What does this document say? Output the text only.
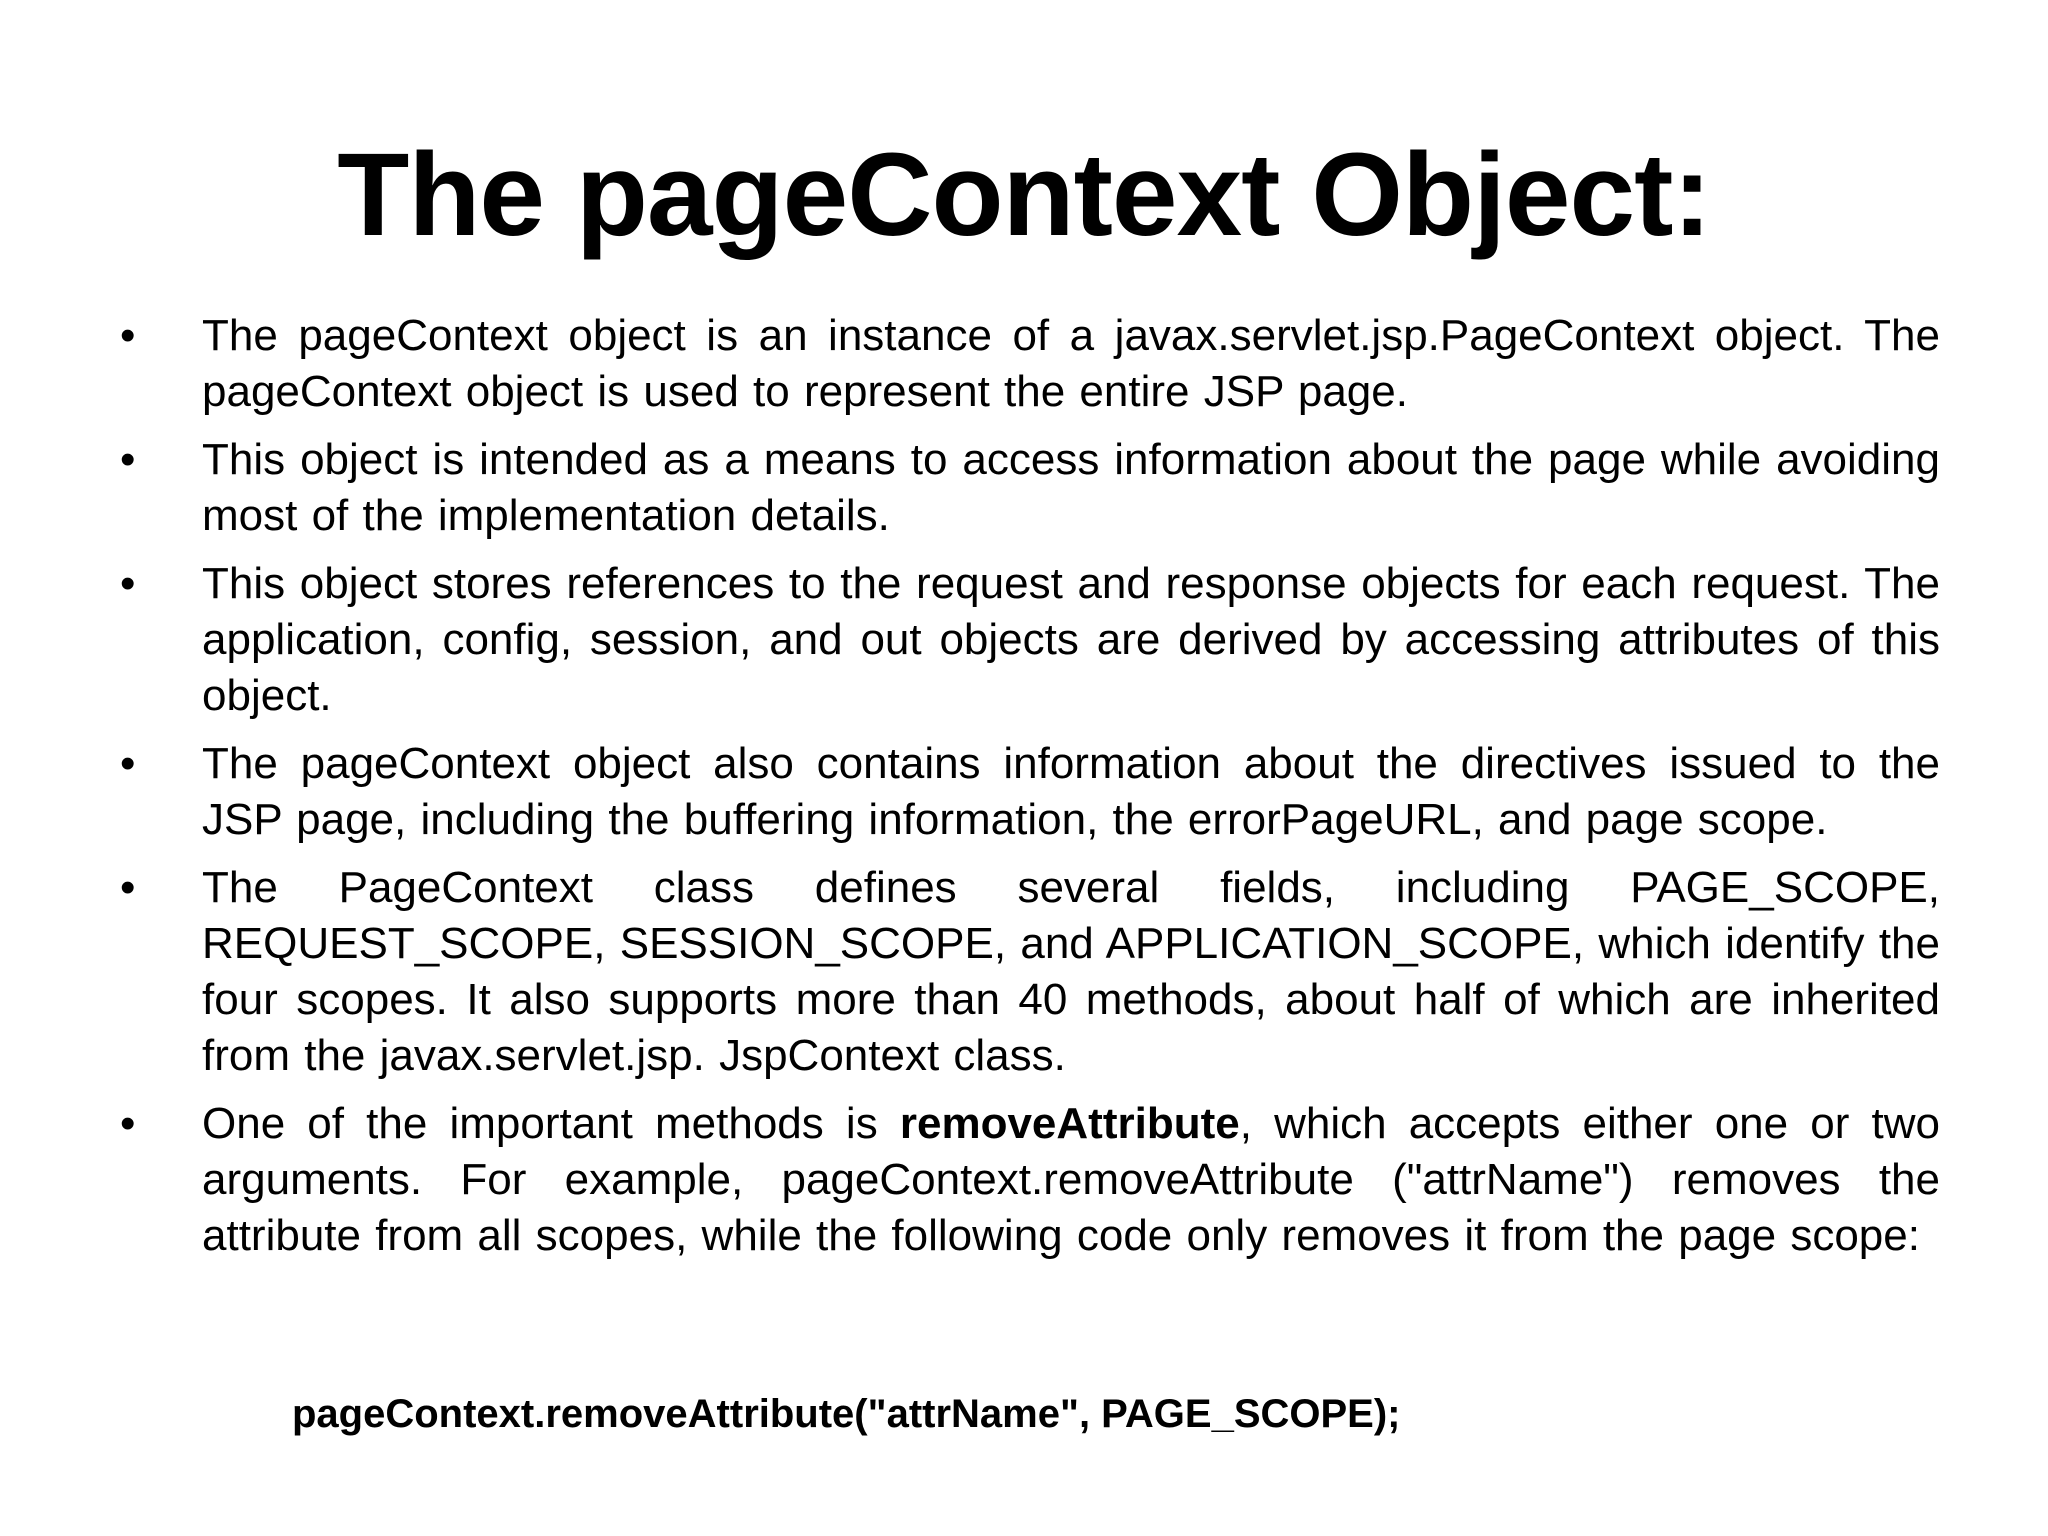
The pageContext Object:
• The pageContext object is an instance of a javax.servlet.jsp.PageContext object. The pageContext object is used to represent the entire JSP page.
• This object is intended as a means to access information about the page while avoiding most of the implementation details.
• This object stores references to the request and response objects for each request. The application, config, session, and out objects are derived by accessing attributes of this object.
• The pageContext object also contains information about the directives issued to the JSP page, including the buffering information, the errorPageURL, and page scope.
• The PageContext class defines several fields, including PAGE_SCOPE, REQUEST_SCOPE, SESSION_SCOPE, and APPLICATION_SCOPE, which identify the four scopes. It also supports more than 40 methods, about half of which are inherited from the javax.servlet.jsp. JspContext class.
• One of the important methods is removeAttribute, which accepts either one or two arguments. For example, pageContext.removeAttribute ("attrName") removes the attribute from all scopes, while the following code only removes it from the page scope:
pageContext.removeAttribute("attrName", PAGE_SCOPE);
